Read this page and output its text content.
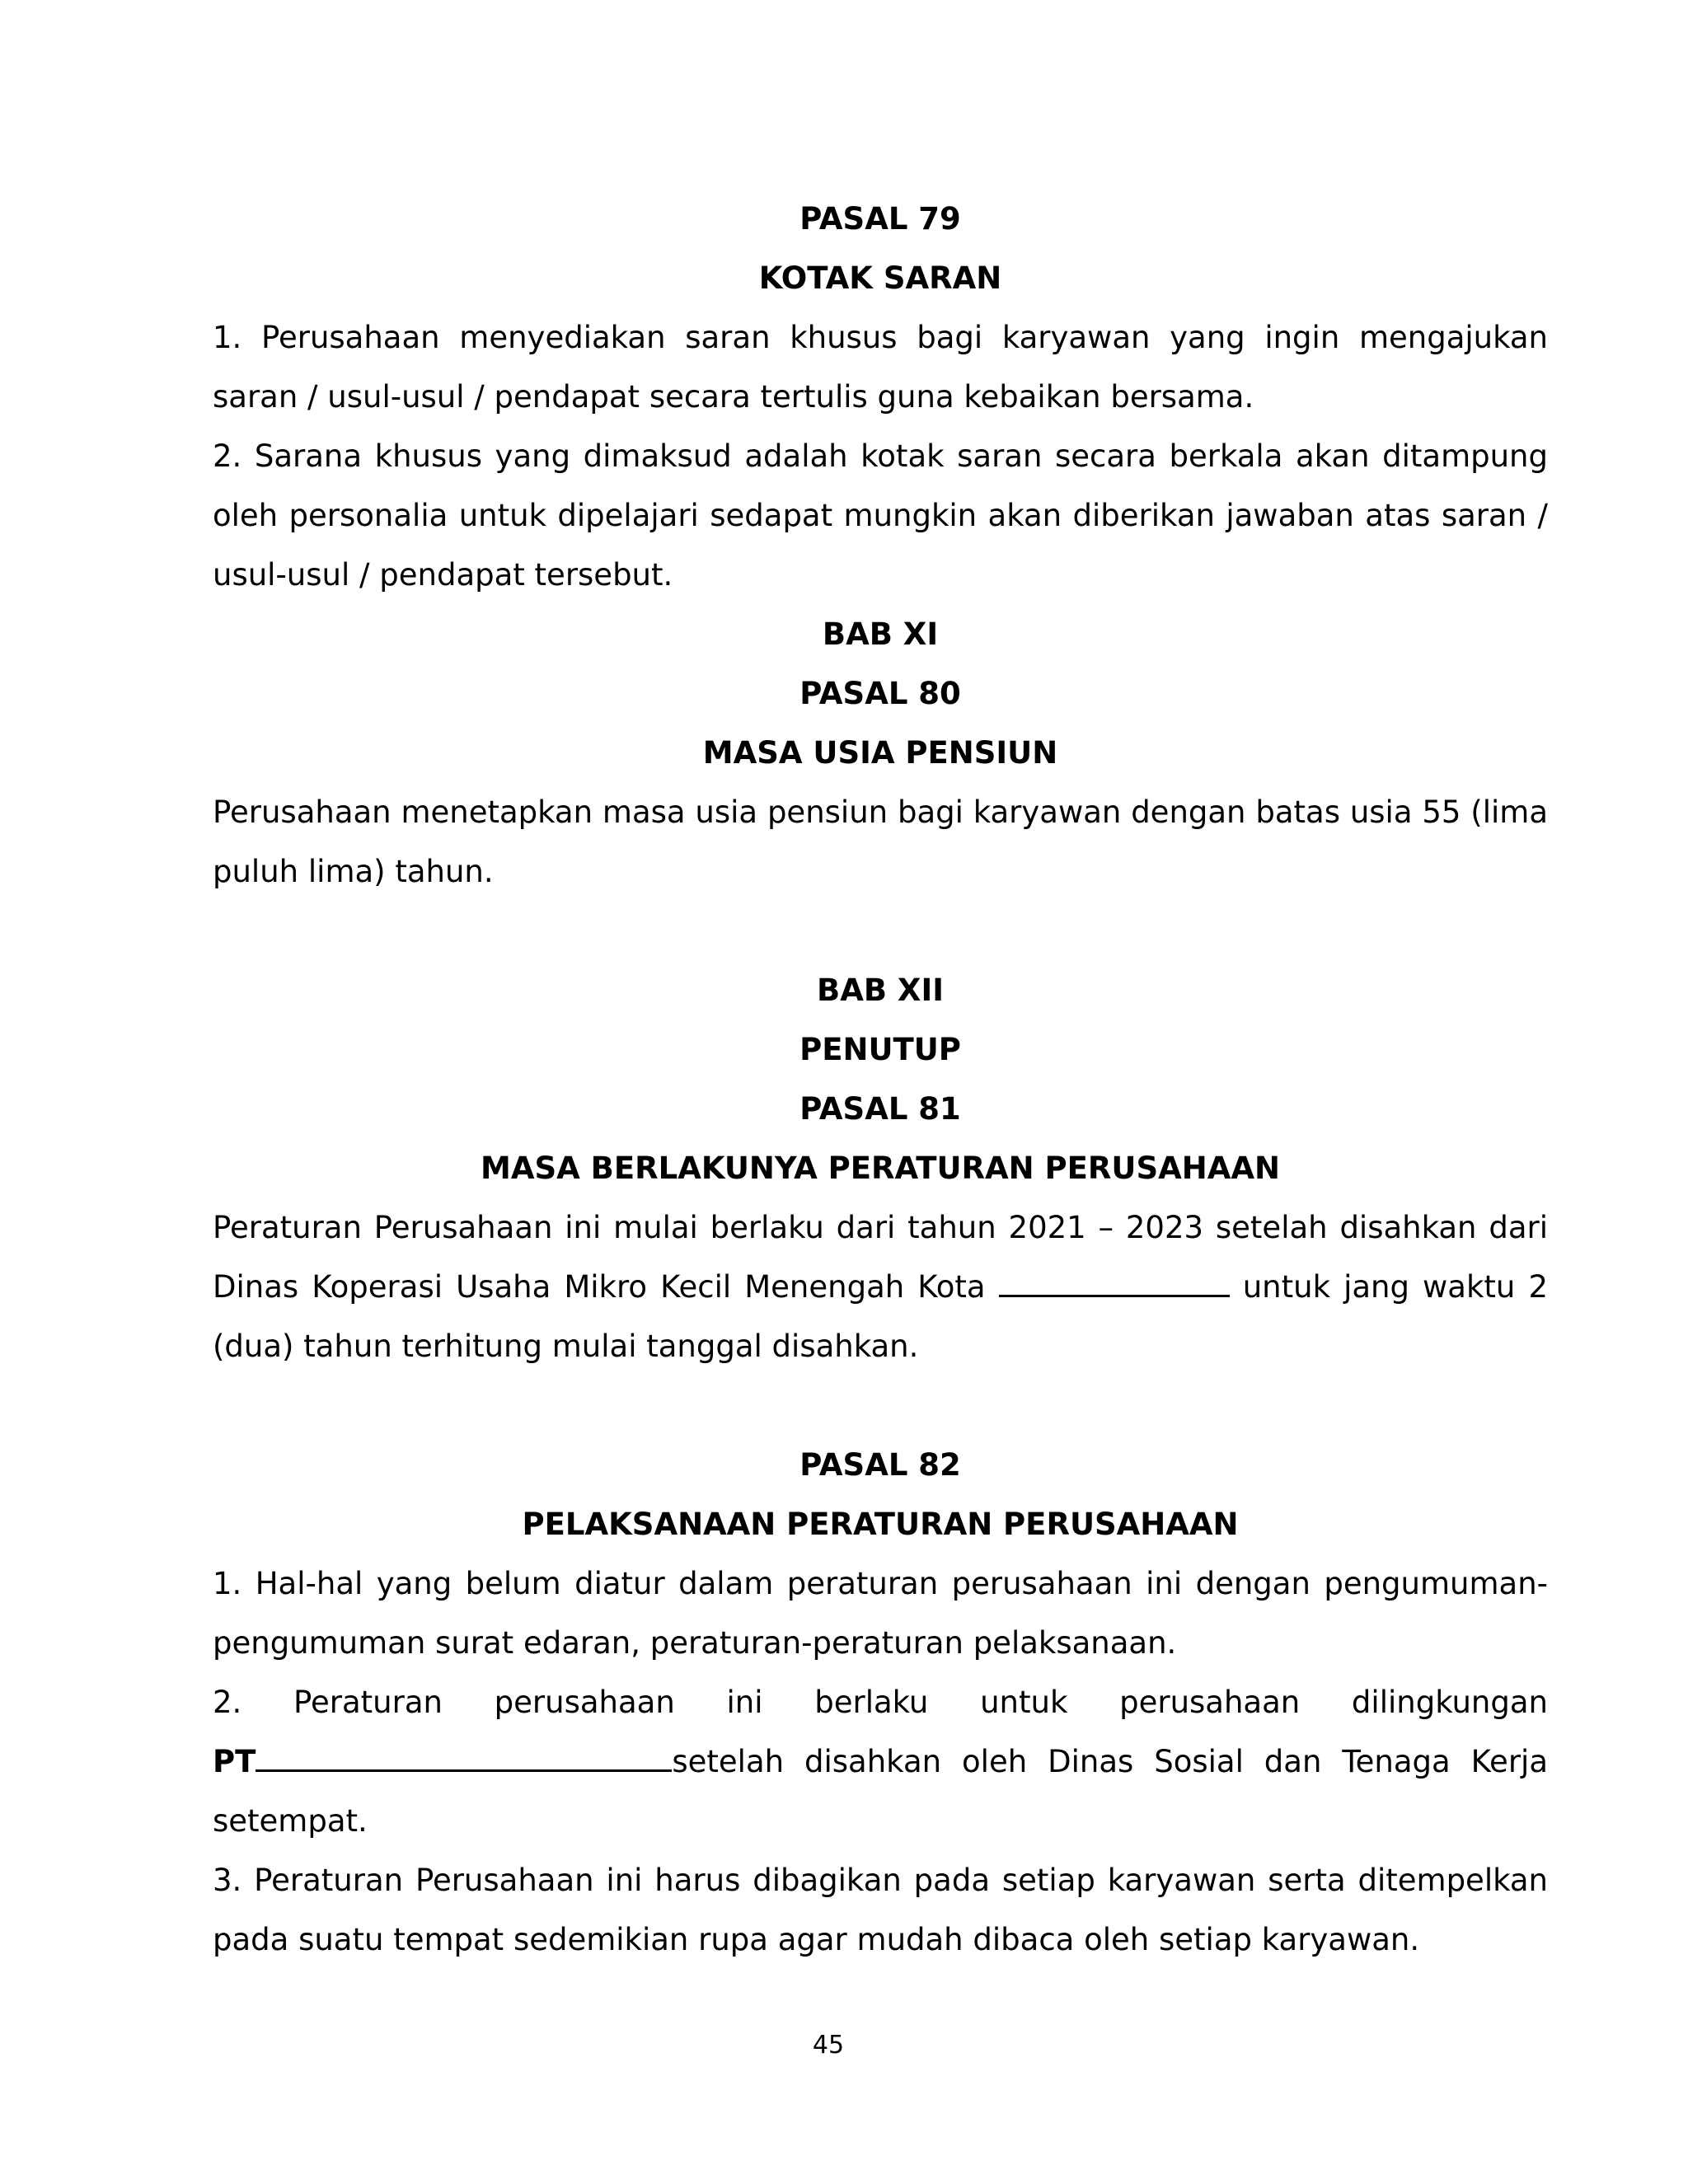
PASAL 79

KOTAK SARAN

1. Perusahaan menyediakan saran khusus bagi karyawan yang ingin mengajukan saran / usul-usul / pendapat secara tertulis guna kebaikan bersama.

2. Sarana khusus yang dimaksud adalah kotak saran secara berkala akan ditampung oleh personalia untuk dipelajari sedapat mungkin akan diberikan jawaban atas saran / usul-usul / pendapat tersebut.

BAB XI

PASAL 80

MASA USIA PENSIUN

Perusahaan menetapkan masa usia pensiun bagi karyawan dengan batas usia 55 (lima puluh lima) tahun.

BAB XII

PENUTUP

PASAL 81

MASA BERLAKUNYA PERATURAN PERUSAHAAN

Peraturan Perusahaan ini mulai berlaku dari tahun 2021 – 2023 setelah disahkan dari Dinas Koperasi Usaha Mikro Kecil Menengah Kota	untuk jang waktu 2 (dua) tahun terhitung mulai tanggal disahkan.

PASAL 82

PELAKSANAAN PERATURAN PERUSAHAAN

1. Hal-hal yang belum diatur dalam peraturan perusahaan ini dengan pengumuman-pengumuman surat edaran, peraturan-peraturan pelaksanaan.

2. Peraturan perusahaan ini berlaku untuk perusahaan dilingkungan

PT	setelah disahkan oleh Dinas Sosial dan Tenaga Kerja setempat.

3. Peraturan Perusahaan ini harus dibagikan pada setiap karyawan serta ditempelkan pada suatu tempat sedemikian rupa agar mudah dibaca oleh setiap karyawan.

45
